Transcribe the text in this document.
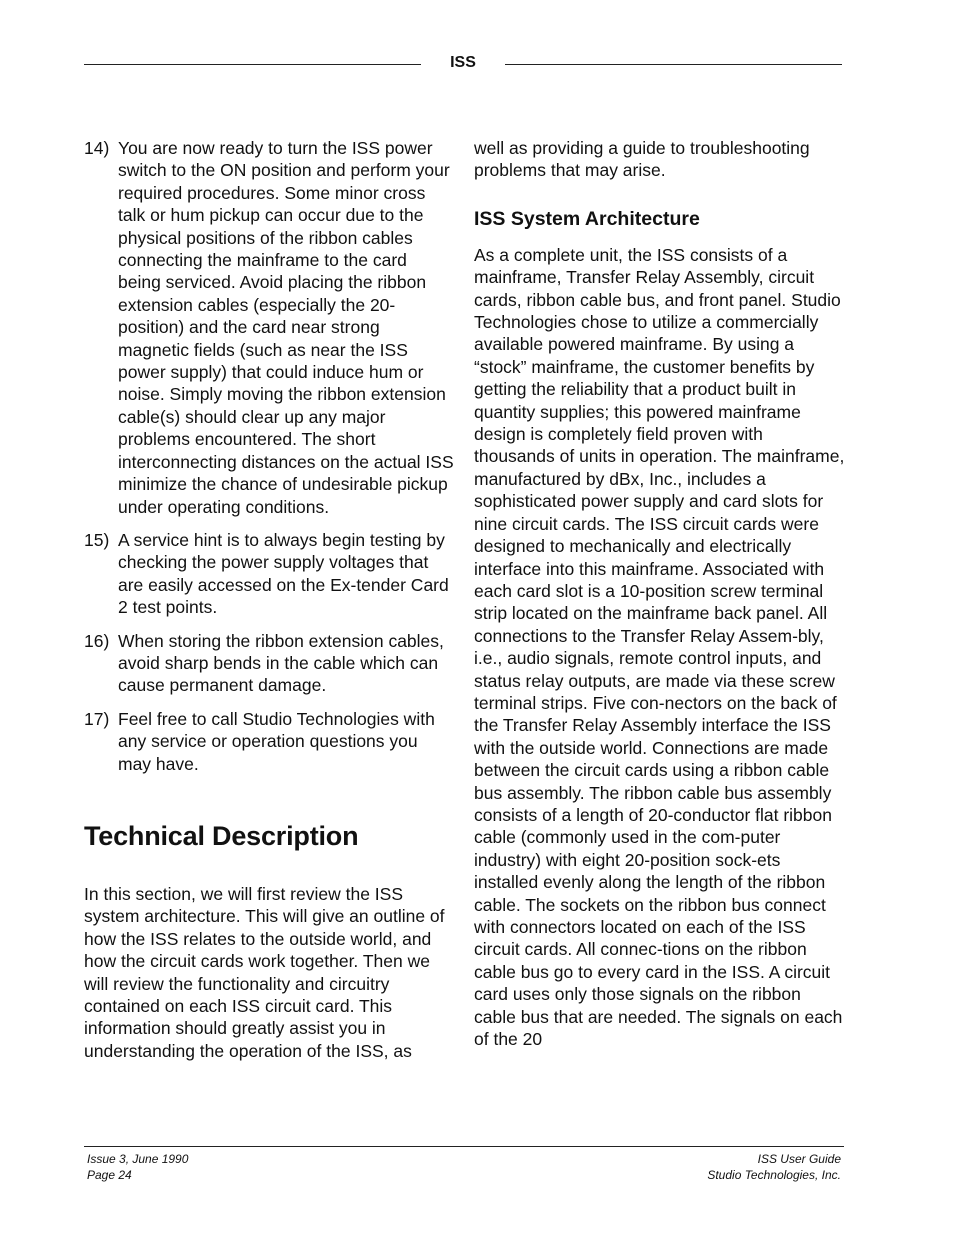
ISS
14) You are now ready to turn the ISS power switch to the ON position and perform your required procedures. Some minor cross talk or hum pickup can occur due to the physical positions of the ribbon cables connecting the mainframe to the card being serviced. Avoid placing the ribbon extension cables (especially the 20-position) and the card near strong magnetic fields (such as near the ISS power supply) that could induce hum or noise. Simply moving the ribbon extension cable(s) should clear up any major problems encountered. The short interconnecting distances on the actual ISS minimize the chance of undesirable pickup under operating conditions.

15) A service hint is to always begin testing by checking the power supply voltages that are easily accessed on the Ex-tender Card 2 test points.

16) When storing the ribbon extension cables, avoid sharp bends in the cable which can cause permanent damage.

17) Feel free to call Studio Technologies with any service or operation questions you may have.

Technical Description

In this section, we will first review the ISS system architecture. This will give an outline of how the ISS relates to the outside world, and how the circuit cards work together. Then we will review the functionality and circuitry contained on each ISS circuit card. This information should greatly assist you in understanding the operation of the ISS, as

well as providing a guide to troubleshooting problems that may arise.

ISS System Architecture

As a complete unit, the ISS consists of a mainframe, Transfer Relay Assembly, circuit cards, ribbon cable bus, and front panel. Studio Technologies chose to utilize a commercially available powered mainframe. By using a “stock” mainframe, the customer benefits by getting the reliability that a product built in quantity supplies; this powered mainframe design is completely field proven with thousands of units in operation. The mainframe, manufactured by dBx, Inc., includes a sophisticated power supply and card slots for nine circuit cards. The ISS circuit cards were designed to mechanically and electrically interface into this mainframe. Associated with each card slot is a 10-position screw terminal strip located on the mainframe back panel. All connections to the Transfer Relay Assem-bly, i.e., audio signals, remote control inputs, and status relay outputs, are made via these screw terminal strips. Five con-nectors on the back of the Transfer Relay Assembly interface the ISS with the outside world. Connections are made between the circuit cards using a ribbon cable bus assembly. The ribbon cable bus assembly consists of a length of 20-conductor flat ribbon cable (commonly used in the com-puter industry) with eight 20-position sock-ets installed evenly along the length of the ribbon cable. The sockets on the ribbon bus connect with connectors located on each of the ISS circuit cards. All connec-tions on the ribbon cable bus go to every card in the ISS. A circuit card uses only those signals on the ribbon cable bus that are needed. The signals on each of the 20

Issue 3, June 1990
Page 24
ISS User Guide
Studio Technologies, Inc.
